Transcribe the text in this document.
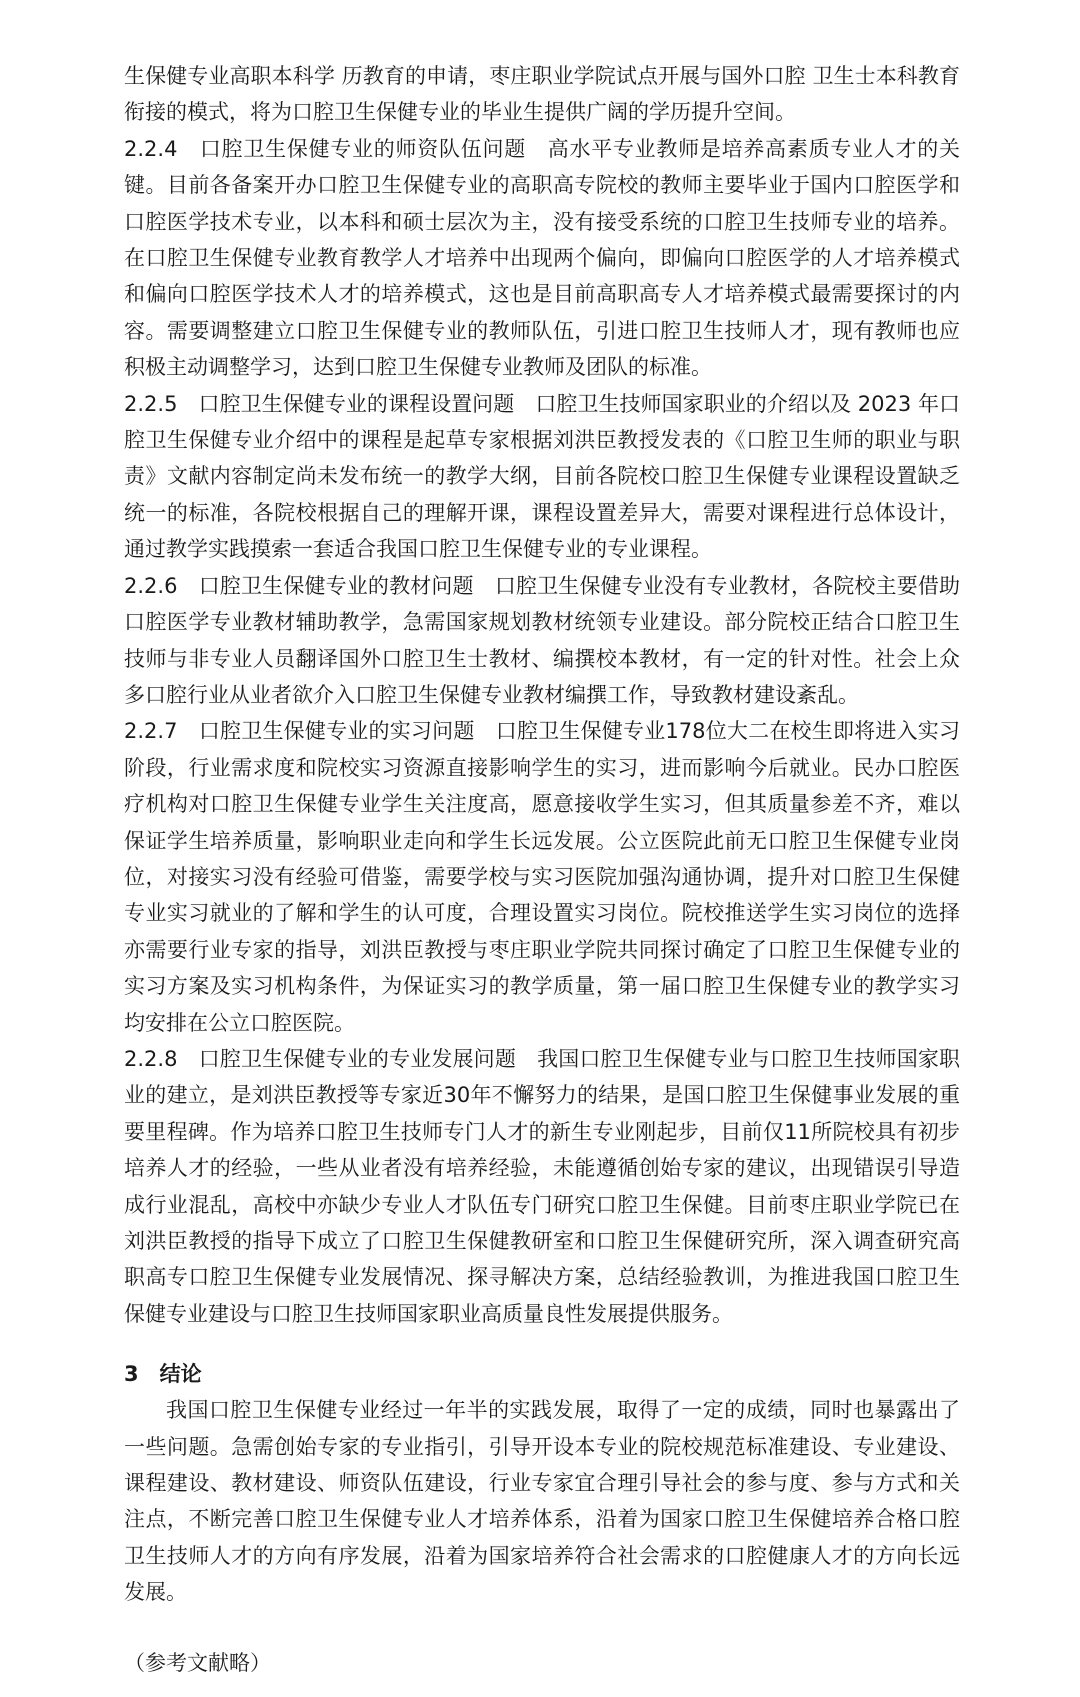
生保健专业高职本科学 历教育的申请，枣庄职业学院试点开展与国外口腔 卫生士本科教育衔接的模式，将为口腔卫生保健专业的毕业生提供广阔的学历提升空间。

2.2.4　口腔卫生保健专业的师资队伍问题　高水平专业教师是培养高素质专业人才的关键。目前各备案开办口腔卫生保健专业的高职高专院校的教师主要毕业于国内口腔医学和口腔医学技术专业，以本科和硕士层次为主，没有接受系统的口腔卫生技师专业的培养。在口腔卫生保健专业教育教学人才培养中出现两个偏向，即偏向口腔医学的人才培养模式和偏向口腔医学技术人才的培养模式，这也是目前高职高专人才培养模式最需要探讨的内容。需要调整建立口腔卫生保健专业的教师队伍，引进口腔卫生技师人才，现有教师也应积极主动调整学习，达到口腔卫生保健专业教师及团队的标准。

2.2.5　口腔卫生保健专业的课程设置问题　口腔卫生技师国家职业的介绍以及 2023 年口腔卫生保健专业介绍中的课程是起草专家根据刘洪臣教授发表的《口腔卫生师的职业与职责》文献内容制定尚未发布统一的教学大纲，目前各院校口腔卫生保健专业课程设置缺乏统一的标准，各院校根据自己的理解开课，课程设置差异大，需要对课程进行总体设计，通过教学实践摸索一套适合我国口腔卫生保健专业的专业课程。

2.2.6　口腔卫生保健专业的教材问题　口腔卫生保健专业没有专业教材，各院校主要借助口腔医学专业教材辅助教学，急需国家规划教材统领专业建设。部分院校正结合口腔卫生技师与非专业人员翻译国外口腔卫生士教材、编撰校本教材，有一定的针对性。社会上众多口腔行业从业者欲介入口腔卫生保健专业教材编撰工作，导致教材建设紊乱。

2.2.7　口腔卫生保健专业的实习问题　口腔卫生保健专业178位大二在校生即将进入实习阶段，行业需求度和院校实习资源直接影响学生的实习，进而影响今后就业。民办口腔医疗机构对口腔卫生保健专业学生关注度高，愿意接收学生实习，但其质量参差不齐，难以保证学生培养质量，影响职业走向和学生长远发展。公立医院此前无口腔卫生保健专业岗位，对接实习没有经验可借鉴，需要学校与实习医院加强沟通协调，提升对口腔卫生保健专业实习就业的了解和学生的认可度，合理设置实习岗位。院校推送学生实习岗位的选择亦需要行业专家的指导，刘洪臣教授与枣庄职业学院共同探讨确定了口腔卫生保健专业的实习方案及实习机构条件，为保证实习的教学质量，第一届口腔卫生保健专业的教学实习均安排在公立口腔医院。

2.2.8　口腔卫生保健专业的专业发展问题　我国口腔卫生保健专业与口腔卫生技师国家职业的建立，是刘洪臣教授等专家近30年不懈努力的结果，是国口腔卫生保健事业发展的重要里程碑。作为培养口腔卫生技师专门人才的新生专业刚起步，目前仅11所院校具有初步培养人才的经验，一些从业者没有培养经验，未能遵循创始专家的建议，出现错误引导造成行业混乱，高校中亦缺少专业人才队伍专门研究口腔卫生保健。目前枣庄职业学院已在刘洪臣教授的指导下成立了口腔卫生保健教研室和口腔卫生保健研究所，深入调查研究高职高专口腔卫生保健专业发展情况、探寻解决方案，总结经验教训，为推进我国口腔卫生保健专业建设与口腔卫生技师国家职业高质量良性发展提供服务。

3　结论

我国口腔卫生保健专业经过一年半的实践发展，取得了一定的成绩，同时也暴露出了一些问题。急需创始专家的专业指引，引导开设本专业的院校规范标准建设、专业建设、课程建设、教材建设、师资队伍建设，行业专家宜合理引导社会的参与度、参与方式和关注点，不断完善口腔卫生保健专业人才培养体系，沿着为国家口腔卫生保健培养合格口腔卫生技师人才的方向有序发展，沿着为国家培养符合社会需求的口腔健康人才的方向长远发展。

（参考文献略）
